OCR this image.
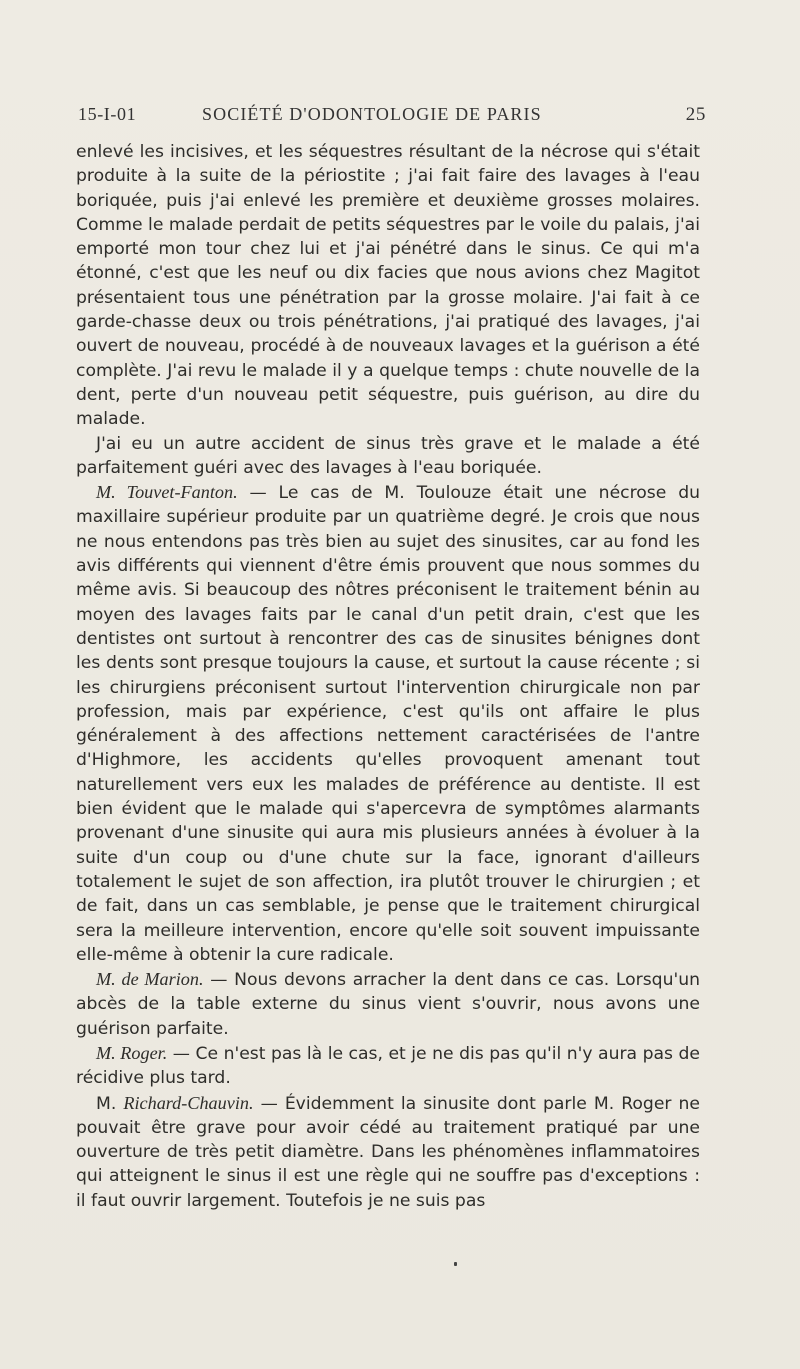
15-I-01	SOCIÉTÉ D'ODONTOLOGIE DE PARIS	25

enlevé les incisives, et les séquestres résultant de la nécrose qui s'était produite à la suite de la périostite ; j'ai fait faire des lavages à l'eau boriquée, puis j'ai enlevé les première et deuxième grosses molaires. Comme le malade perdait de petits séquestres par le voile du palais, j'ai emporté mon tour chez lui et j'ai pénétré dans le sinus. Ce qui m'a étonné, c'est que les neuf ou dix facies que nous avions chez Magitot présentaient tous une pénétration par la grosse molaire. J'ai fait à ce garde-chasse deux ou trois pénétrations, j'ai pratiqué des lavages, j'ai ouvert de nouveau, procédé à de nouveaux lavages et la guérison a été complète. J'ai revu le malade il y a quelque temps : chute nouvelle de la dent, perte d'un nouveau petit séquestre, puis guérison, au dire du malade.

J'ai eu un autre accident de sinus très grave et le malade a été parfaitement guéri avec des lavages à l'eau boriquée.

M. Touvet-Fanton. — Le cas de M. Toulouze était une nécrose du maxillaire supérieur produite par un quatrième degré. Je crois que nous ne nous entendons pas très bien au sujet des sinusites, car au fond les avis différents qui viennent d'être émis prouvent que nous sommes du même avis. Si beaucoup des nôtres préconisent le traitement bénin au moyen des lavages faits par le canal d'un petit drain, c'est que les dentistes ont surtout à rencontrer des cas de sinusites bénignes dont les dents sont presque toujours la cause, et surtout la cause récente ; si les chirurgiens préconisent surtout l'intervention chirurgicale non par profession, mais par expérience, c'est qu'ils ont affaire le plus généralement à des affections nettement caractérisées de l'antre d'Highmore, les accidents qu'elles provoquent amenant tout naturellement vers eux les malades de préférence au dentiste. Il est bien évident que le malade qui s'apercevra de symptômes alarmants provenant d'une sinusite qui aura mis plusieurs années à évoluer à la suite d'un coup ou d'une chute sur la face, ignorant d'ailleurs totalement le sujet de son affection, ira plutôt trouver le chirurgien ; et de fait, dans un cas semblable, je pense que le traitement chirurgical sera la meilleure intervention, encore qu'elle soit souvent impuissante elle-même à obtenir la cure radicale.

M. de Marion. — Nous devons arracher la dent dans ce cas. Lorsqu'un abcès de la table externe du sinus vient s'ouvrir, nous avons une guérison parfaite.

M. Roger. — Ce n'est pas là le cas, et je ne dis pas qu'il n'y aura pas de récidive plus tard.

M. Richard-Chauvin. — Évidemment la sinusite dont parle M. Roger ne pouvait être grave pour avoir cédé au traitement pratiqué par une ouverture de très petit diamètre. Dans les phénomènes inflammatoires qui atteignent le sinus il est une règle qui ne souffre pas d'exceptions : il faut ouvrir largement. Toutefois je ne suis pas
